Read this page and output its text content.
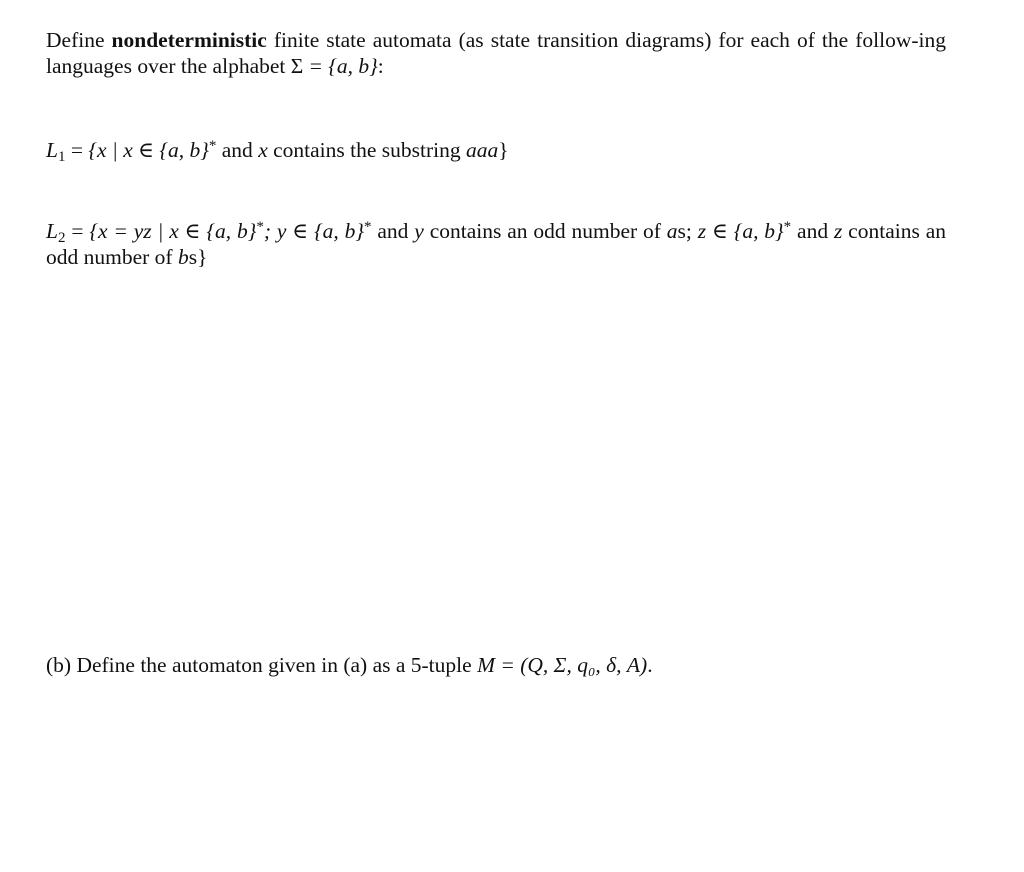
Define nondeterministic finite state automata (as state transition diagrams) for each of the follow-ing languages over the alphabet Σ = {a, b}:
$L_1 = \{x$ | x ∈ {a, b}* and x contains the substring aaa}
$L_2 = \{x$ = yz | x ∈ {a, b}*; y ∈ {a, b}* and y contains an odd number of as; z ∈ {a, b}* and z contains an odd number of bs}
(b) Define the automaton given in (a) as a 5-tuple M = (Q, Σ, q₀, δ, A).
